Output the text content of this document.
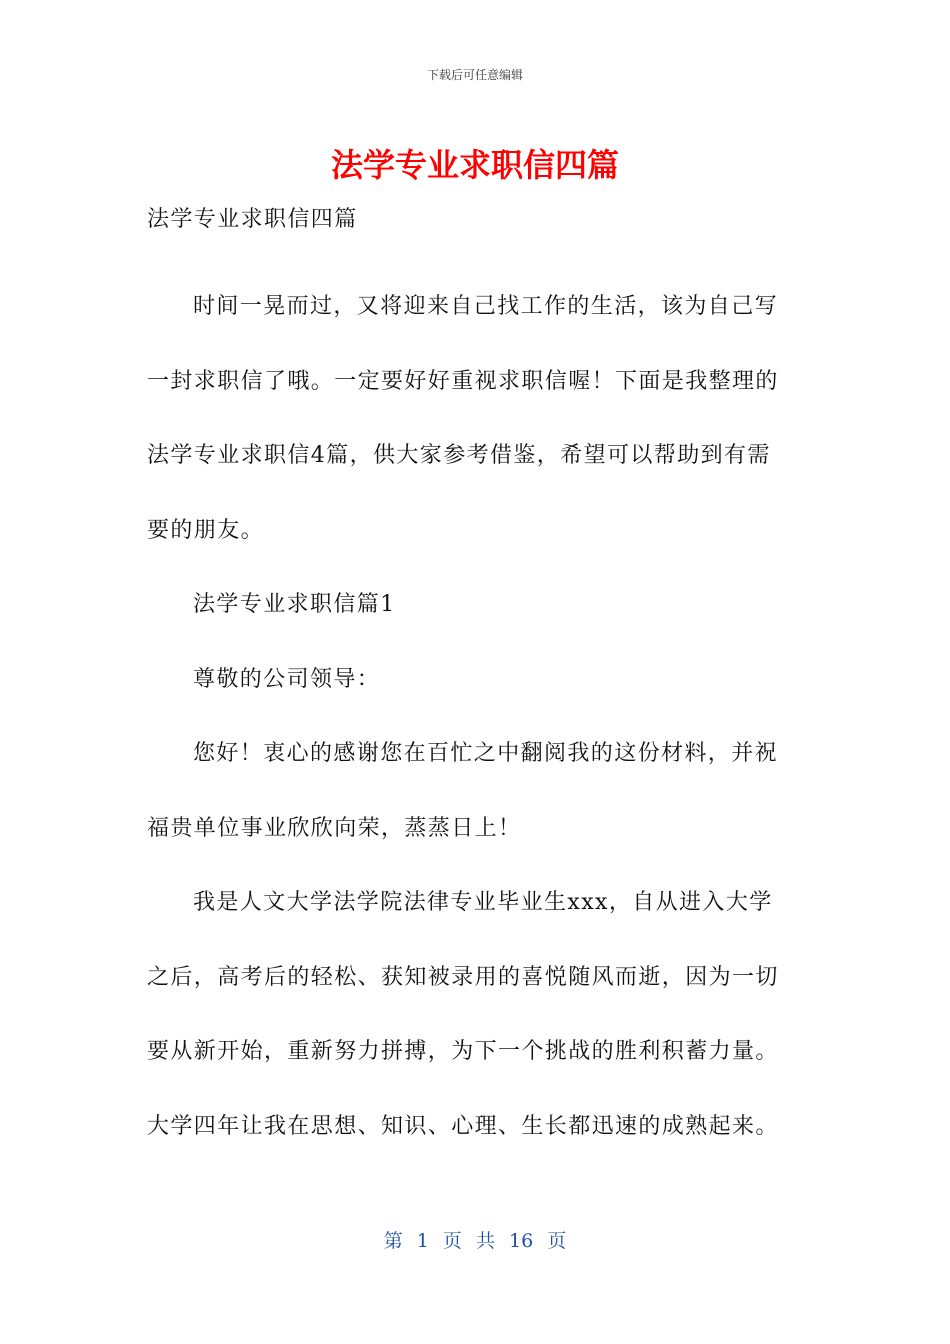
下载后可任意编辑
法学专业求职信四篇

法学专业求职信四篇

时间一晃而过，又将迎来自己找工作的生活，该为自己写一封求职信了哦。一定要好好重视求职信喔！下面是我整理的法学专业求职信4篇，供大家参考借鉴，希望可以帮助到有需要的朋友。

法学专业求职信篇1

尊敬的公司领导：

您好！衷心的感谢您在百忙之中翻阅我的这份材料，并祝福贵单位事业欣欣向荣，蒸蒸日上！

我是人文大学法学院法律专业毕业生xxx，自从进入大学之后，高考后的轻松、获知被录用的喜悦随风而逝，因为一切要从新开始，重新努力拼搏，为下一个挑战的胜利积蓄力量。大学四年让我在思想、知识、心理、生长都迅速的成熟起来。

第 1 页 共 16 页
